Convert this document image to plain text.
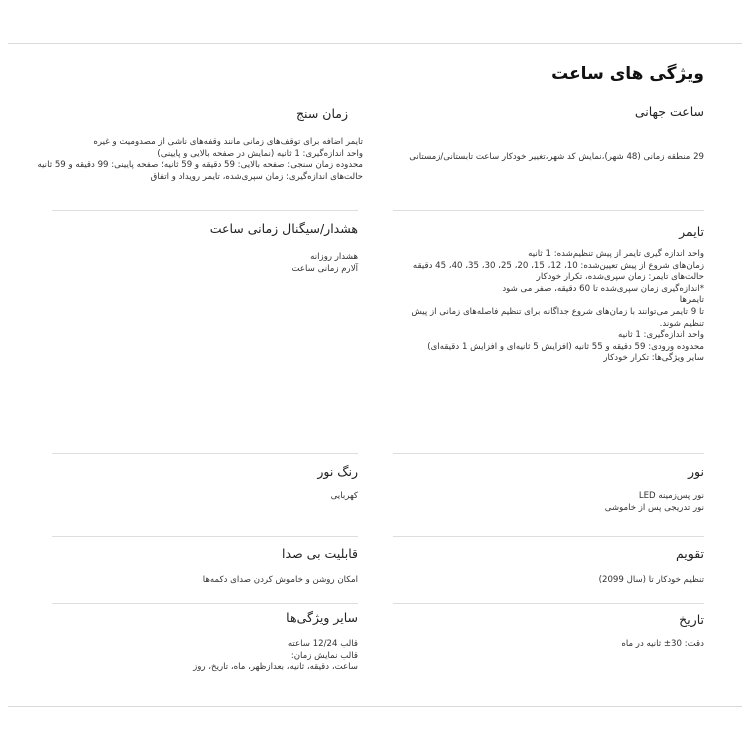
ویژگی های ساعت
ساعت جهانی
29 منطقه زمانی (48 شهر)،نمایش کد شهر،تغییر خودکار ساعت تابستانی/زمستانی
زمان سنج
تایمر اضافه برای توقف‌های زمانی مانند وقفه‌های ناشی از مصدومیت و غیره
واحد اندازه‌گیری: 1 ثانیه (نمایش در صفحه بالایی و پایینی)
محدوده زمان سنجی: صفحه بالایی: 59 دقیقه و 59 ثانیه؛ صفحه پایینی: 99 دقیقه و 59 ثانیه
حالت‌های اندازه‌گیری: زمان سپری‌شده، تایمر رویداد و اتفاق
تایمر
واحد اندازه گیری تایمر از پیش تنظیم‌شده: 1 ثانیه
زمان‌های شروع از پیش تعیین‌شده: 10، 12، 15، 20، 25، 30، 35، 40، 45 دقیقه
حالت‌های تایمر: زمان سپری‌شده، تکرار خودکار
*اندازه‌گیری زمان سپری‌شده تا 60 دقیقه، صفر می شود
تایمرها
تا 9 تایمر می‌توانند با زمان‌های شروع جداگانه برای تنظیم فاصله‌های زمانی از پیش تنظیم شوند.
واحد اندازه‌گیری: 1 ثانیه
محدوده ورودی: 59 دقیقه و 55 ثانیه (افزایش 5 ثانیه‌ای و افزایش 1 دقیقه‌ای)
سایر ویژگی‌ها: تکرار خودکار
هشدار/سیگنال زمانی ساعت
هشدار روزانه
آلارم زمانی ساعت
نور
نور پس‌زمینه LED
نور تدریجی پس از خاموشی
رنگ نور
کهربایی
تقویم
تنظیم خودکار تا (سال 2099)
قابلیت بی صدا
امکان روشن و خاموش کردن صدای دکمه‌ها
تاریخ
دقت: 30± ثانیه در ماه
سایر ویژگی‌ها
قالب 12/24 ساعته
قالب نمایش زمان:
ساعت، دقیقه، ثانیه، بعدازظهر، ماه، تاریخ، روز
